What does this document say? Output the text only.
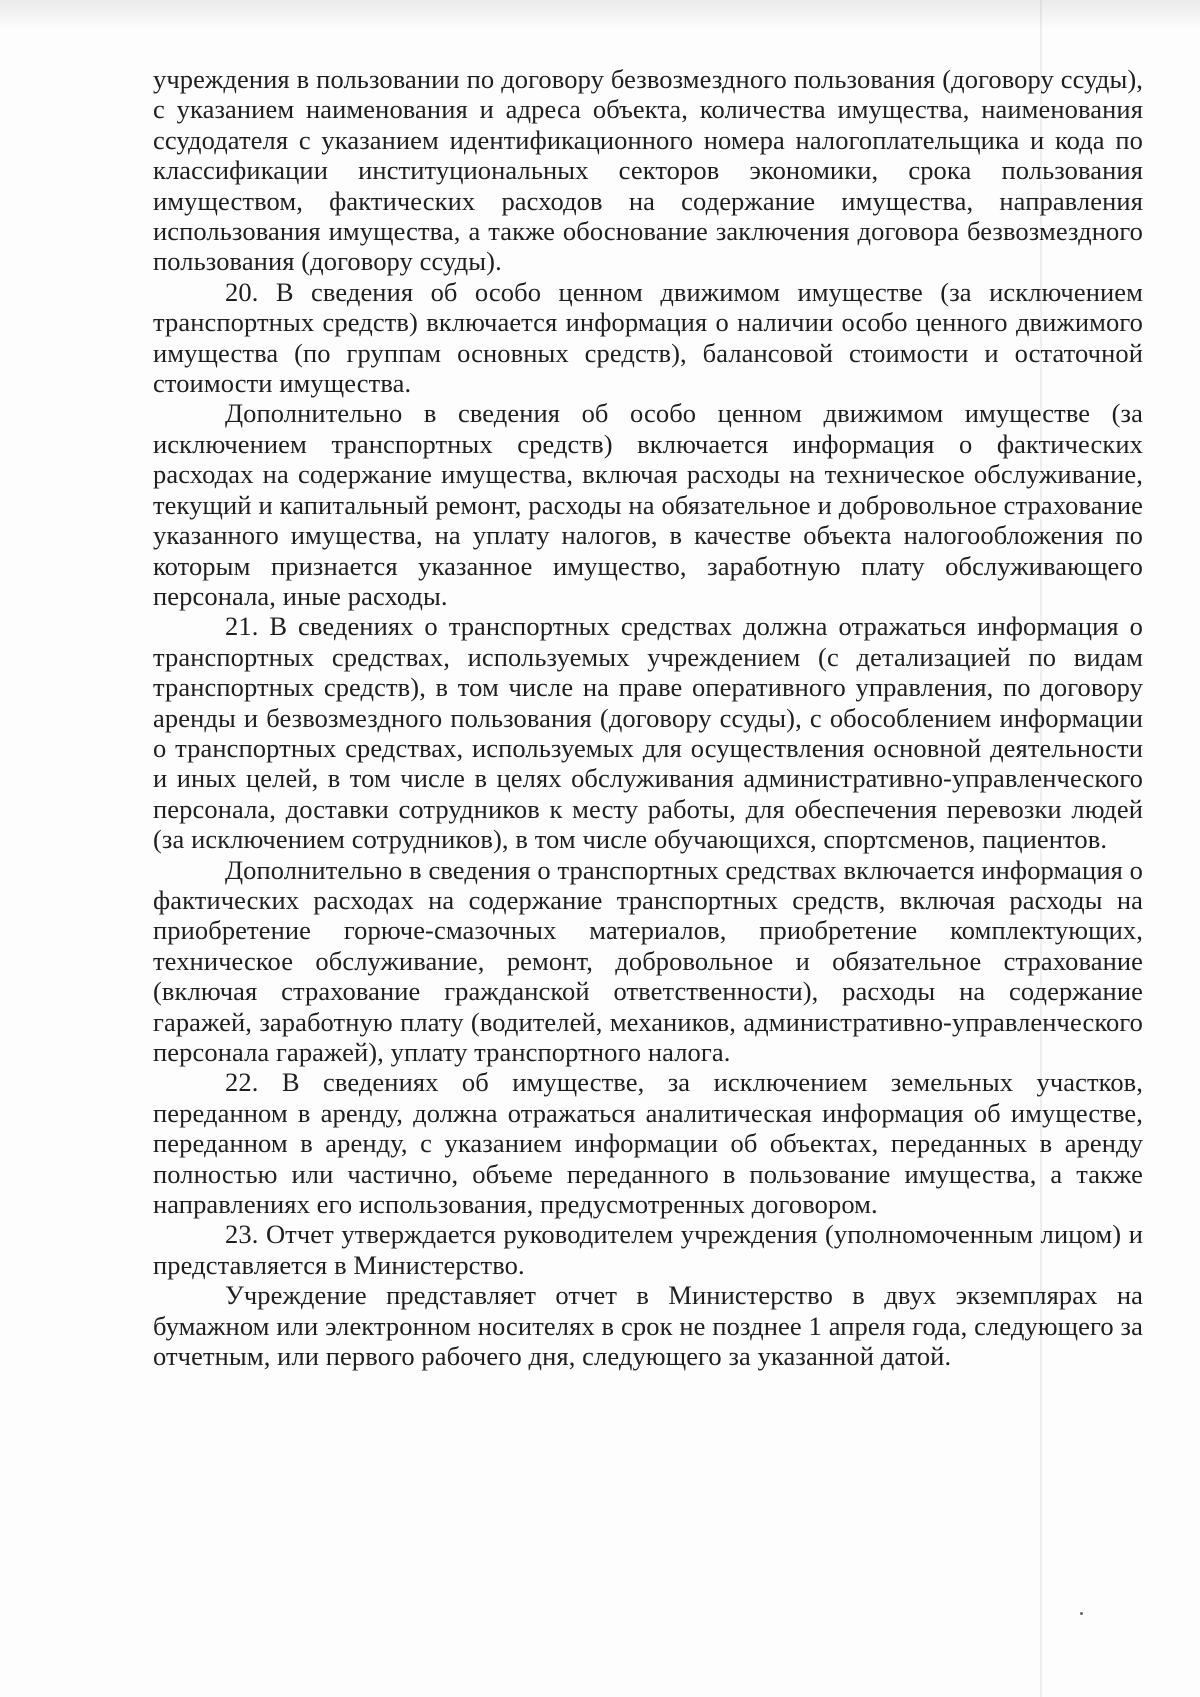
учреждения в пользовании по договору безвозмездного пользования (договору ссуды), с указанием наименования и адреса объекта, количества имущества, наименования ссудодателя с указанием идентификационного номера налогоплательщика и кода по классификации институциональных секторов экономики, срока пользования имуществом, фактических расходов на содержание имущества, направления использования имущества, а также обоснование заключения договора безвозмездного пользования (договору ссуды).

20. В сведения об особо ценном движимом имуществе (за исключением транспортных средств) включается информация о наличии особо ценного движимого имущества (по группам основных средств), балансовой стоимости и остаточной стоимости имущества.

Дополнительно в сведения об особо ценном движимом имуществе (за исключением транспортных средств) включается информация о фактических расходах на содержание имущества, включая расходы на техническое обслуживание, текущий и капитальный ремонт, расходы на обязательное и добровольное страхование указанного имущества, на уплату налогов, в качестве объекта налогообложения по которым признается указанное имущество, заработную плату обслуживающего персонала, иные расходы.

21. В сведениях о транспортных средствах должна отражаться информация о транспортных средствах, используемых учреждением (с детализацией по видам транспортных средств), в том числе на праве оперативного управления, по договору аренды и безвозмездного пользования (договору ссуды), с обособлением информации о транспортных средствах, используемых для осуществления основной деятельности и иных целей, в том числе в целях обслуживания административно-управленческого персонала, доставки сотрудников к месту работы, для обеспечения перевозки людей (за исключением сотрудников), в том числе обучающихся, спортсменов, пациентов.

Дополнительно в сведения о транспортных средствах включается информация о фактических расходах на содержание транспортных средств, включая расходы на приобретение горюче-смазочных материалов, приобретение комплектующих, техническое обслуживание, ремонт, добровольное и обязательное страхование (включая страхование гражданской ответственности), расходы на содержание гаражей, заработную плату (водителей, механиков, административно-управленческого персонала гаражей), уплату транспортного налога.

22. В сведениях об имуществе, за исключением земельных участков, переданном в аренду, должна отражаться аналитическая информация об имуществе, переданном в аренду, с указанием информации об объектах, переданных в аренду полностью или частично, объеме переданного в пользование имущества, а также направлениях его использования, предусмотренных договором.

23. Отчет утверждается руководителем учреждения (уполномоченным лицом) и представляется в Министерство.

Учреждение представляет отчет в Министерство в двух экземплярах на бумажном или электронном носителях в срок не позднее 1 апреля года, следующего за отчетным, или первого рабочего дня, следующего за указанной датой.
